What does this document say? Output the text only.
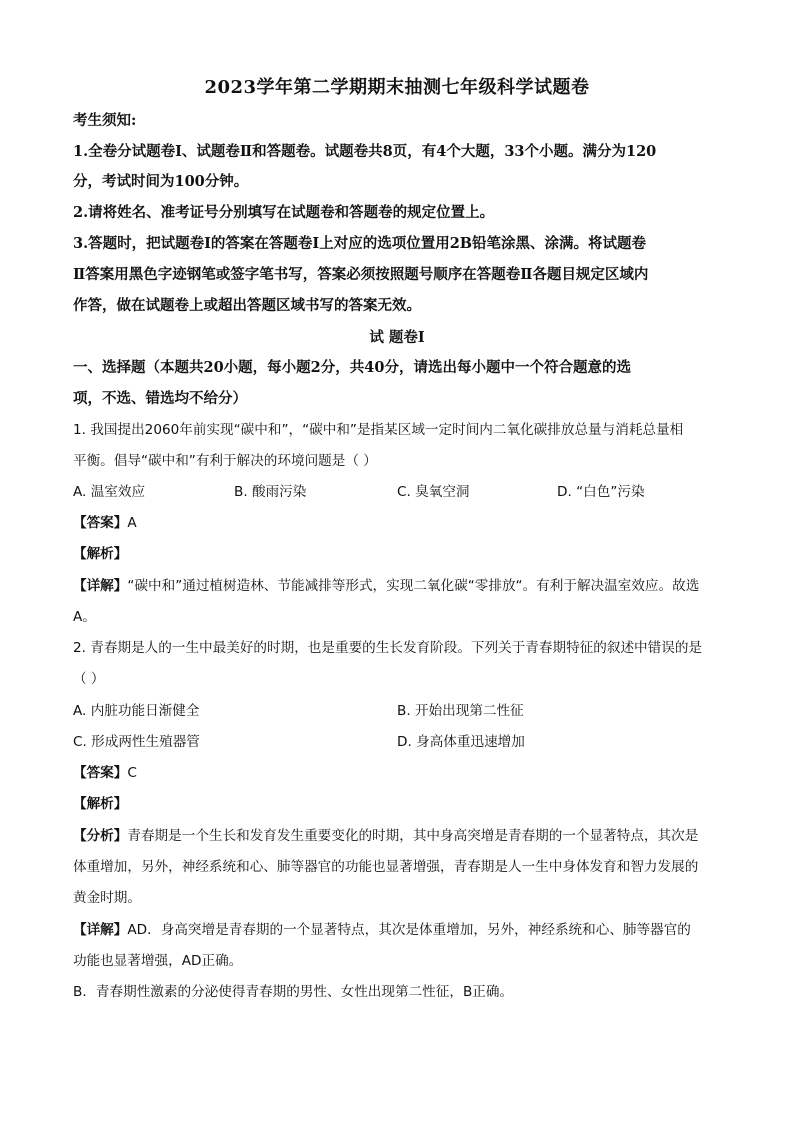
2023学年第二学期期末抽测七年级科学试题卷
考生须知:
1.全卷分试题卷Ⅰ、试题卷Ⅱ和答题卷。试题卷共8页，有4个大题，33个小题。满分为120
分，考试时间为100分钟。
2.请将姓名、准考证号分别填写在试题卷和答题卷的规定位置上。
3.答题时，把试题卷Ⅰ的答案在答题卷Ⅰ上对应的选项位置用2B铅笔涂黑、涂满。将试题卷
Ⅱ答案用黑色字迹钢笔或签字笔书写，答案必须按照题号顺序在答题卷Ⅱ各题目规定区域内
作答，做在试题卷上或超出答题区域书写的答案无效。
试 题卷Ⅰ
一、选择题（本题共20小题，每小题2分，共40分，请选出每小题中一个符合题意的选
项，不选、错选均不给分）
1. 我国提出2060年前实现“碳中和”，“碳中和”是指某区域一定时间内二氧化碳排放总量与消耗总量相
平衡。倡导“碳中和”有利于解决的环境问题是（ ）
A. 温室效应	B. 酸雨污染	C. 臭氧空洞	D. “白色”污染
【答案】A
【解析】
【详解】“碳中和”通过植树造林、节能减排等形式，实现二氧化碳“零排放“。有利于解决温室效应。故选
A。
2. 青春期是人的一生中最美好的时期，也是重要的生长发育阶段。下列关于青春期特征的叙述中错误的是
（ ）
A. 内脏功能日渐健全	B. 开始出现第二性征
C. 形成两性生殖器管	D. 身高体重迅速增加
【答案】C
【解析】
【分析】青春期是一个生长和发育发生重要变化的时期，其中身高突增是青春期的一个显著特点，其次是
体重增加，另外，神经系统和心、肺等器官的功能也显著增强，青春期是人一生中身体发育和智力发展的
黄金时期。
【详解】AD．身高突增是青春期的一个显著特点，其次是体重增加，另外，神经系统和心、肺等器官的
功能也显著增强，AD正确。
B．青春期性激素的分泌使得青春期的男性、女性出现第二性征，B正确。
